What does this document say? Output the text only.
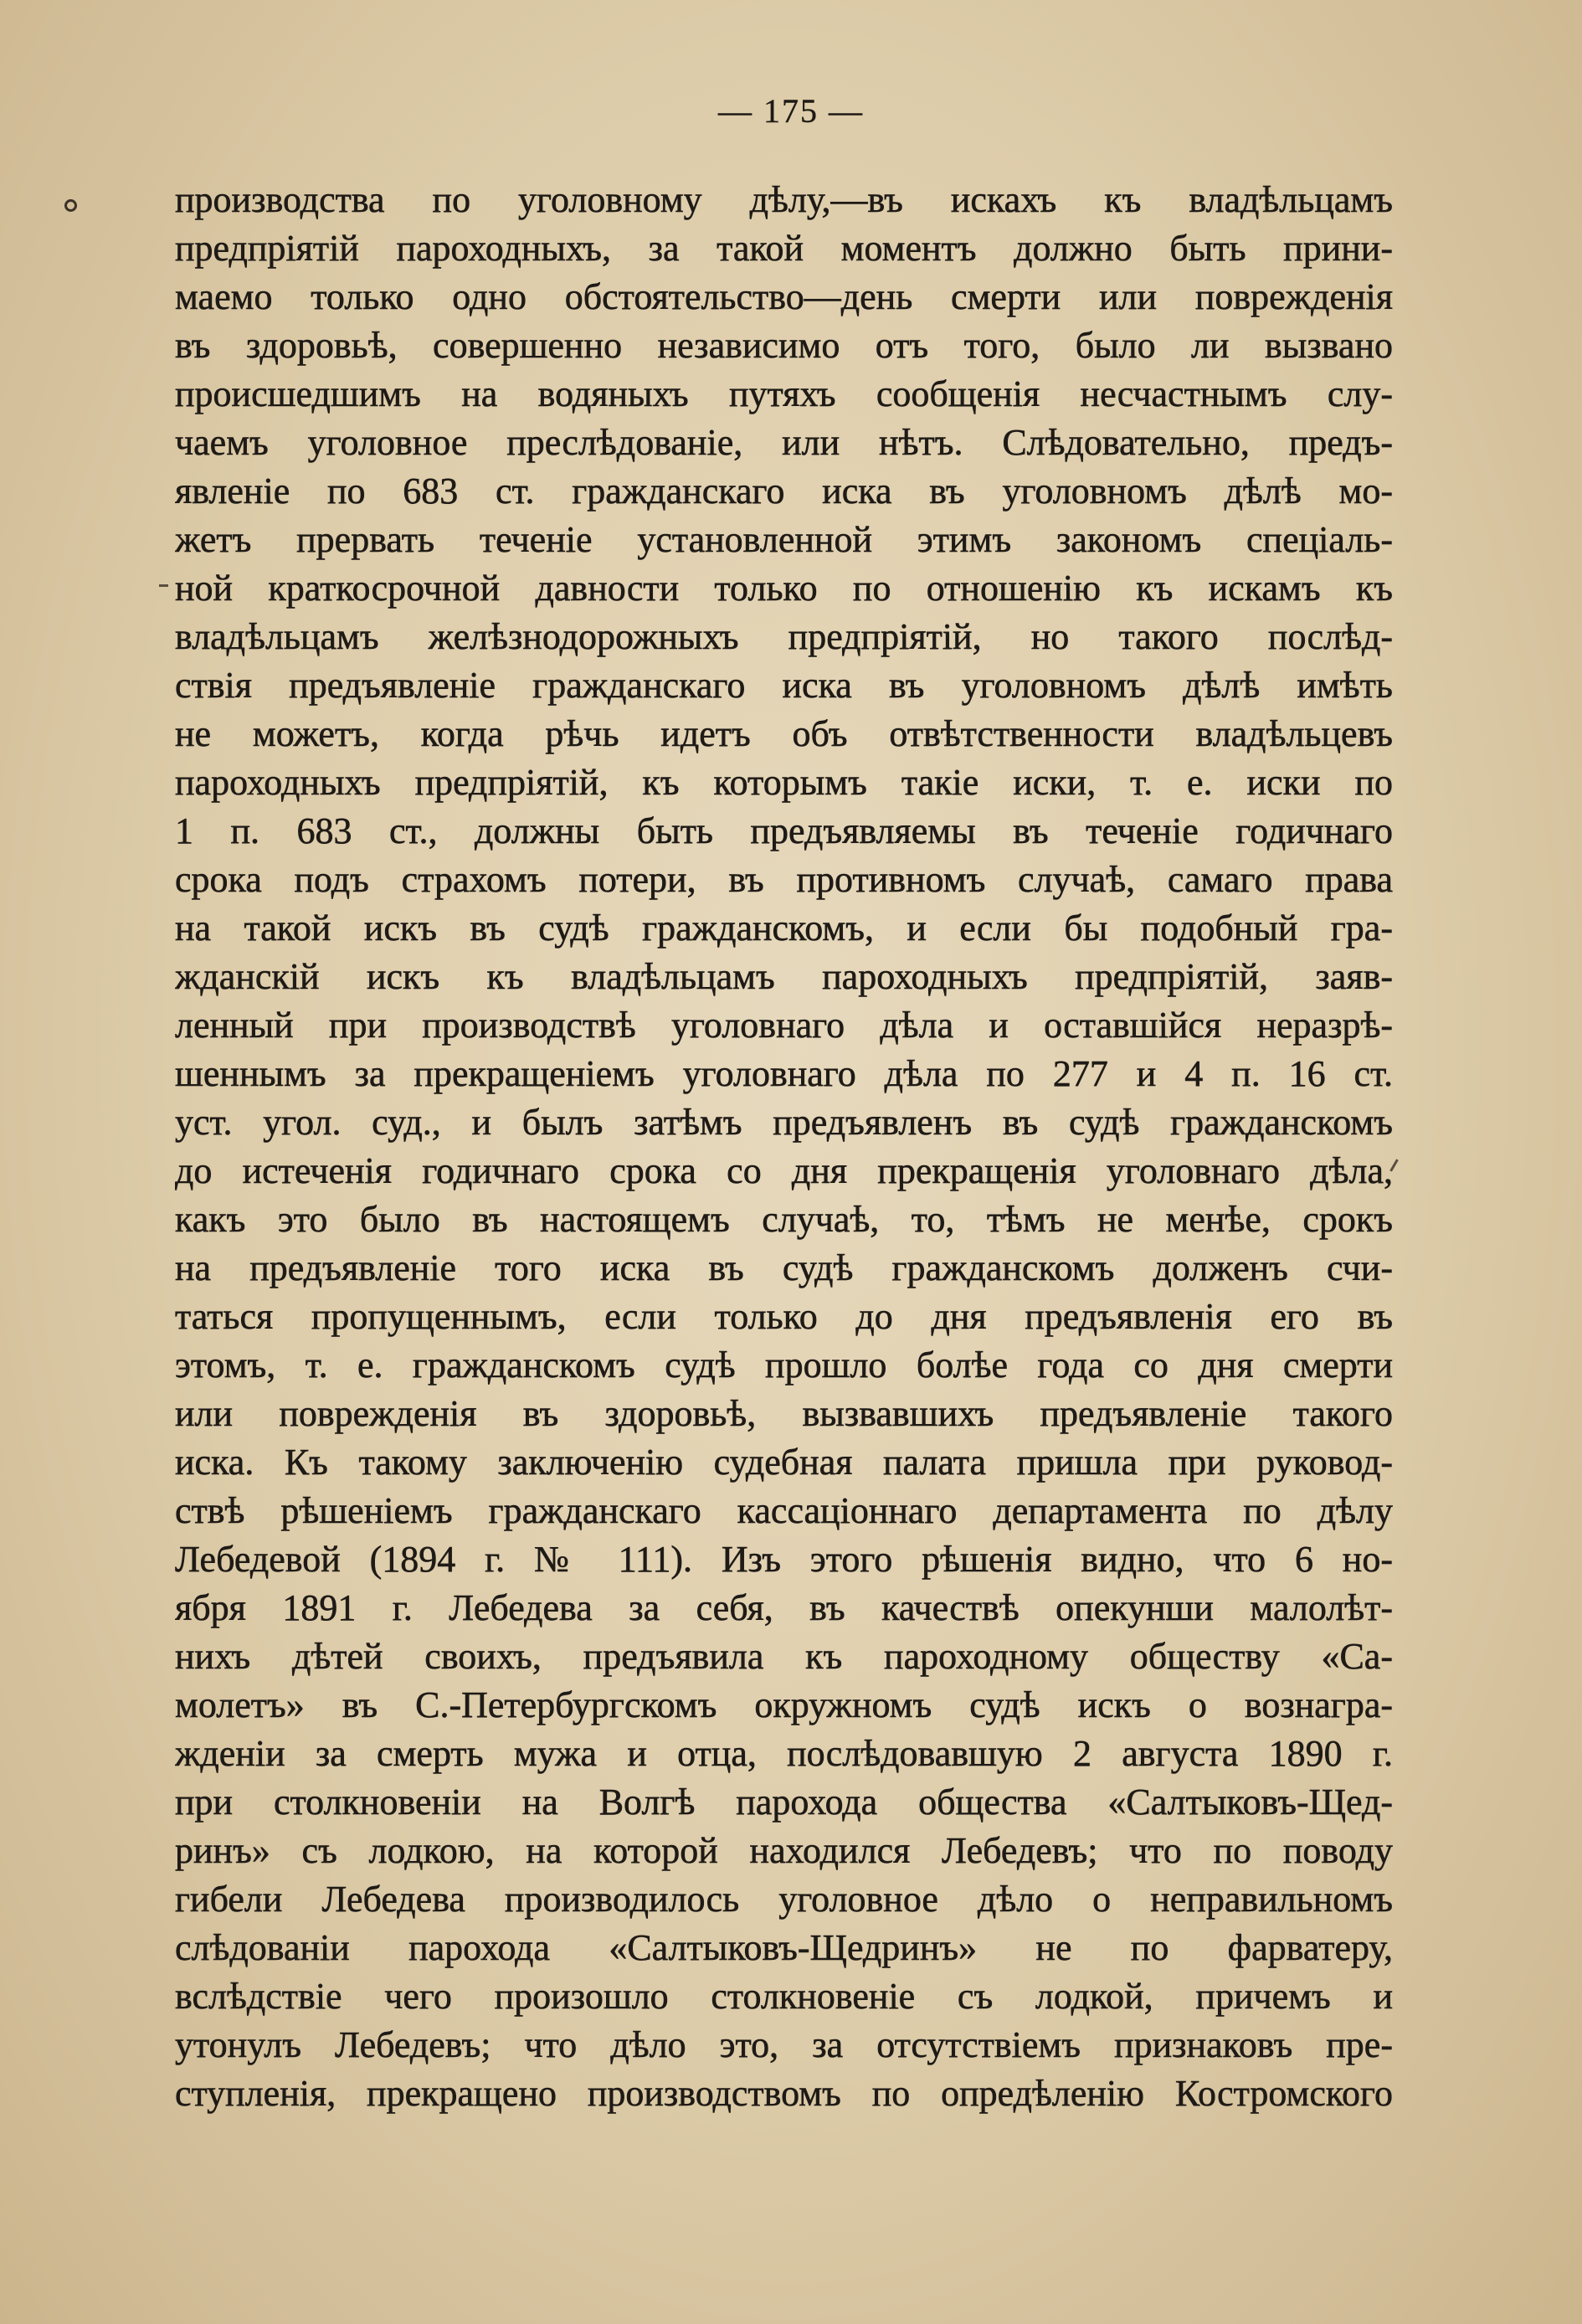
— 175 —
производства по уголовному дѣлу,—въ искахъ къ владѣльцамъ
предпріятій пароходныхъ, за такой моментъ должно быть прини-
маемо только одно обстоятельство—день смерти или поврежденія
въ здоровьѣ, совершенно независимо отъ того, было ли вызвано
происшедшимъ на водяныхъ путяхъ сообщенія несчастнымъ слу-
чаемъ уголовное преслѣдованіе, или нѣтъ. Слѣдовательно, предъ-
явленіе по 683 ст. гражданскаго иска въ уголовномъ дѣлѣ мо-
жетъ прервать теченіе установленной этимъ закономъ спеціаль-
ной краткосрочной давности только по отношенію къ искамъ къ
владѣльцамъ желѣзнодорожныхъ предпріятій, но такого послѣд-
ствія предъявленіе гражданскаго иска въ уголовномъ дѣлѣ имѣть
не можетъ, когда рѣчь идетъ объ отвѣтственности владѣльцевъ
пароходныхъ предпріятій, къ которымъ такіе иски, т. е. иски по
1 п. 683 ст., должны быть предъявляемы въ теченіе годичнаго
срока подъ страхомъ потери, въ противномъ случаѣ, самаго права
на такой искъ въ судѣ гражданскомъ, и если бы подобный гра-
жданскій искъ къ владѣльцамъ пароходныхъ предпріятій, заяв-
ленный при производствѣ уголовнаго дѣла и оставшійся неразрѣ-
шеннымъ за прекращеніемъ уголовнаго дѣла по 277 и 4 п. 16 ст.
уст. угол. суд., и былъ затѣмъ предъявленъ въ судѣ гражданскомъ
до истеченія годичнаго срока со дня прекращенія уголовнаго дѣла,
какъ это было въ настоящемъ случаѣ, то, тѣмъ не менѣе, срокъ
на предъявленіе того иска въ судѣ гражданскомъ долженъ счи-
таться пропущеннымъ, если только до дня предъявленія его въ
этомъ, т. е. гражданскомъ судѣ прошло болѣе года со дня смерти
или поврежденія въ здоровьѣ, вызвавшихъ предъявленіе такого
иска. Къ такому заключенію судебная палата пришла при руковод-
ствѣ рѣшеніемъ гражданскаго кассаціоннаго департамента по дѣлу
Лебедевой (1894 г. № 111). Изъ этого рѣшенія видно, что 6 но-
ября 1891 г. Лебедева за себя, въ качествѣ опекунши малолѣт-
нихъ дѣтей своихъ, предъявила къ пароходному обществу «Са-
молетъ» въ С.-Петербургскомъ окружномъ судѣ искъ о вознагра-
жденіи за смерть мужа и отца, послѣдовавшую 2 августа 1890 г.
при столкновеніи на Волгѣ парохода общества «Салтыковъ-Щед-
ринъ» съ лодкою, на которой находился Лебедевъ; что по поводу
гибели Лебедева производилось уголовное дѣло о неправильномъ
слѣдованіи парохода «Салтыковъ-Щедринъ» не по фарватеру,
вслѣдствіе чего произошло столкновеніе съ лодкой, причемъ и
утонулъ Лебедевъ; что дѣло это, за отсутствіемъ признаковъ пре-
ступленія, прекращено производствомъ по опредѣленію Костромского
